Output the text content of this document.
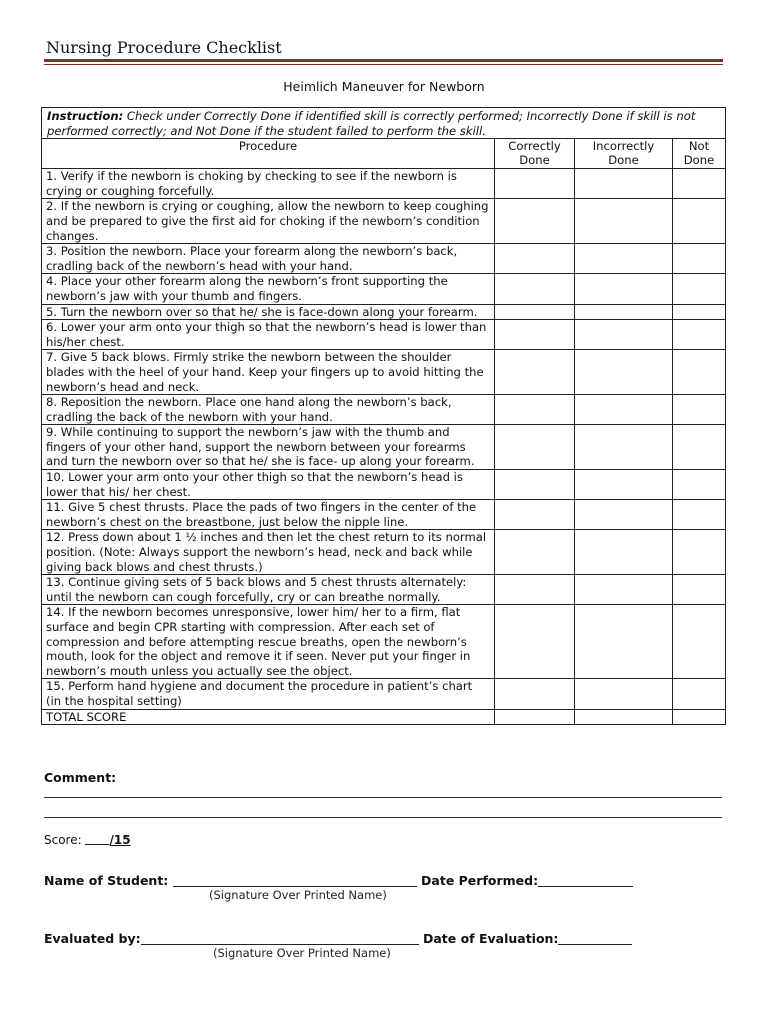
Nursing Procedure Checklist
Heimlich Maneuver for Newborn
Instruction: Check under Correctly Done if identified skill is correctly performed; Incorrectly Done if skill is not performed correctly; and Not Done if the student failed to perform the skill.			
Procedure	Correctly Done	Incorrectly Done	Not Done
1. Verify if the newborn is choking by checking to see if the newborn is crying or coughing forcefully.			
2. If the newborn is crying or coughing, allow the newborn to keep coughing and be prepared to give the first aid for choking if the newborn’s condition changes.			
3. Position the newborn. Place your forearm along the newborn’s back, cradling back of the newborn’s head with your hand.			
4. Place your other forearm along the newborn’s front supporting the newborn’s jaw with your thumb and fingers.			
5. Turn the newborn over so that he/ she is face-down along your forearm.			
6. Lower your arm onto your thigh so that the newborn’s head is lower than his/her chest.			
7. Give 5 back blows. Firmly strike the newborn between the shoulder blades with the heel of your hand. Keep your fingers up to avoid hitting the newborn’s head and neck.			
8. Reposition the newborn. Place one hand along the newborn’s back, cradling the back of the newborn with your hand.			
9. While continuing to support the newborn’s jaw with the thumb and fingers of your other hand, support the newborn between your forearms and turn the newborn over so that he/ she is face- up along your forearm.			
10. Lower your arm onto your other thigh so that the newborn’s head is lower that his/ her chest.			
11. Give 5 chest thrusts. Place the pads of two fingers in the center of the newborn’s chest on the breastbone, just below the nipple line.			
12. Press down about 1 ½ inches and then let the chest return to its normal position. (Note: Always support the newborn’s head, neck and back while giving back blows and chest thrusts.)			
13. Continue giving sets of 5 back blows and 5 chest thrusts alternately: until the newborn can cough forcefully, cry or can breathe normally.			
14. If the newborn becomes unresponsive, lower him/ her to a firm, flat surface and begin CPR starting with compression. After each set of compression and before attempting rescue breaths, open the newborn’s mouth, look for the object and remove it if seen. Never put your finger in newborn’s mouth unless you actually see the object.			
15. Perform hand hygiene and document the procedure in patient’s chart (in the hospital setting)			
TOTAL SCORE			
Comment:
Score: /15
Name of Student:	Date Performed:
(Signature Over Printed Name)
Evaluated by:	Date of Evaluation:
(Signature Over Printed Name)
